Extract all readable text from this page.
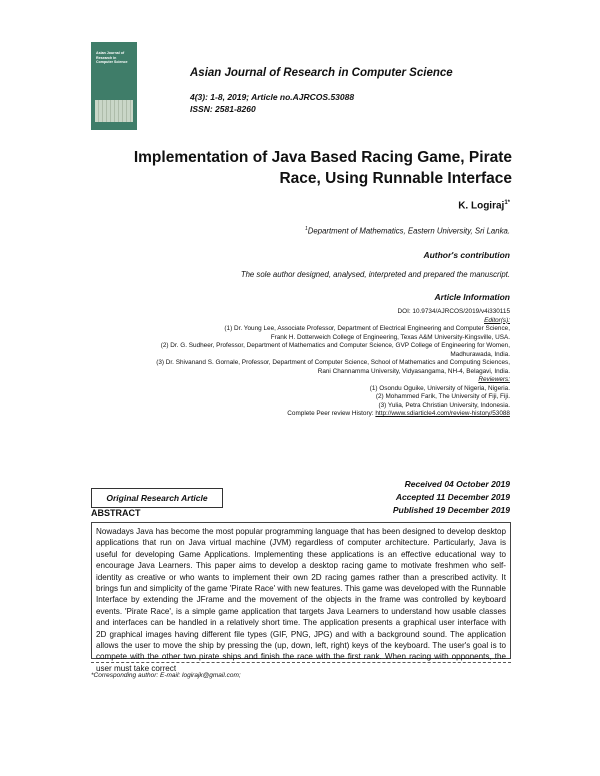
Asian Journal of Research in Computer Science
Asian Journal of Research in Computer Science
4(3): 1-8, 2019; Article no.AJRCOS.53088
ISSN: 2581-8260
Implementation of Java Based Racing Game, Pirate Race, Using Runnable Interface
K. Logiraj$^{1*}$
$^1$Department of Mathematics, Eastern University, Sri Lanka.
Author's contribution
The sole author designed, analysed, interpreted and prepared the manuscript.
Article Information
DOI: 10.9734/AJRCOS/2019/v4i330115
Editor(s):
(1) Dr. Young Lee, Associate Professor, Department of Electrical Engineering and Computer Science,
Frank H. Dotterweich College of Engineering, Texas A&M University-Kingsville, USA.
(2) Dr. G. Sudheer, Professor, Department of Mathematics and Computer Science, GVP College of Engineering for Women,
Madhurawada, India.
(3) Dr. Shivanand S. Gornale, Professor, Department of Computer Science, School of Mathematics and Computing Sciences,
Rani Channamma University, Vidyasangama, NH-4, Belagavi, India.
Reviewers:
(1) Osondu Oguike, University of Nigeria, Nigeria.
(2) Mohammed Farik, The University of Fiji, Fiji.
(3) Yulia, Petra Christian University, Indonesia.
Complete Peer review History: http://www.sdiarticle4.com/review-history/53088
Original Research Article
Received 04 October 2019
Accepted 11 December 2019
Published 19 December 2019
ABSTRACT
Nowadays Java has become the most popular programming language that has been designed to develop desktop applications that run on Java virtual machine (JVM) regardless of computer architecture. Particularly, Java is useful for developing Game Applications. Implementing these applications is an effective educational way to encourage Java Learners. This paper aims to develop a desktop racing game to motivate freshmen who self-identity as creative or who wants to implement their own 2D racing games rather than a prescribed activity. It brings fun and simplicity of the game 'Pirate Race' with new features. This game was developed with the Runnable Interface by extending the JFrame and the movement of the objects in the frame was controlled by keyboard events. 'Pirate Race', is a simple game application that targets Java Learners to understand how usable classes and interfaces can be handled in a relatively short time. The application presents a graphical user interface with 2D graphical images having different file types (GIF, PNG, JPG) and with a background sound. The application allows the user to move the ship by pressing the (up, down, left, right) keys of the keyboard. The user's goal is to compete with the other two pirate ships and finish the race with the first rank. When racing with opponents, the user must take correct
*Corresponding author: E-mail: logirajk@gmail.com;
